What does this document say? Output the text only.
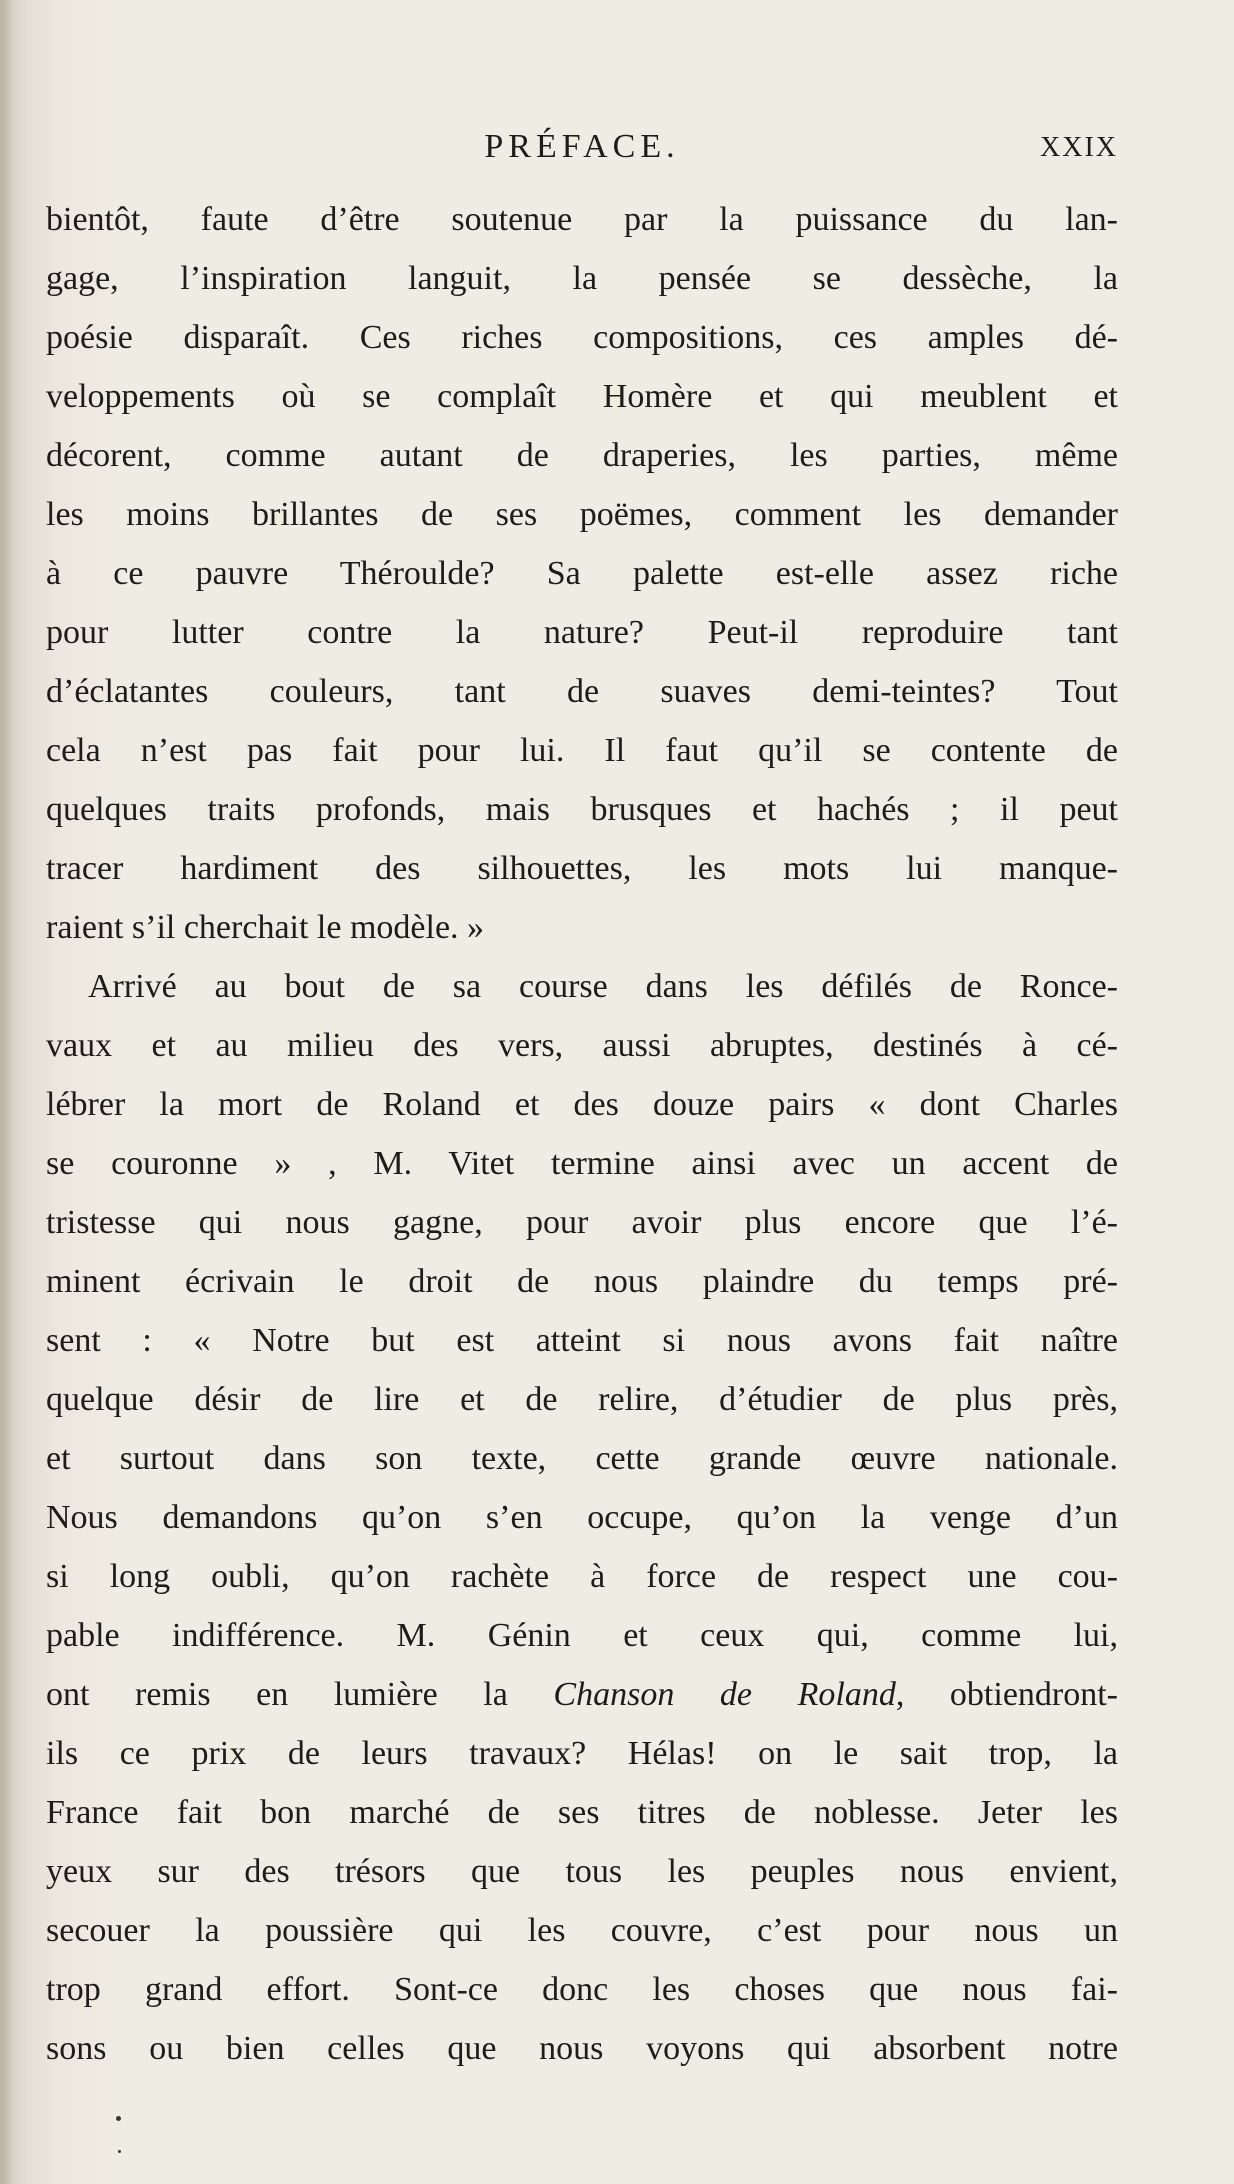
PRÉFACE.	XXIX
bientôt, faute d’être soutenue par la puissance du lan-
gage, l’inspiration languit, la pensée se dessèche, la
poésie disparaît. Ces riches compositions, ces amples dé-
veloppements où se complaît Homère et qui meublent et
décorent, comme autant de draperies, les parties, même
les moins brillantes de ses poëmes, comment les demander
à ce pauvre Théroulde? Sa palette est-elle assez riche
pour lutter contre la nature? Peut-il reproduire tant
d’éclatantes couleurs, tant de suaves demi-teintes? Tout
cela n’est pas fait pour lui. Il faut qu’il se contente de
quelques traits profonds, mais brusques et hachés ; il peut
tracer hardiment des silhouettes, les mots lui manque-
raient s’il cherchait le modèle. »
Arrivé au bout de sa course dans les défilés de Ronce-
vaux et au milieu des vers, aussi abruptes, destinés à cé-
lébrer la mort de Roland et des douze pairs « dont Charles
se couronne » , M. Vitet termine ainsi avec un accent de
tristesse qui nous gagne, pour avoir plus encore que l’é-
minent écrivain le droit de nous plaindre du temps pré-
sent : « Notre but est atteint si nous avons fait naître
quelque désir de lire et de relire, d’étudier de plus près,
et surtout dans son texte, cette grande œuvre nationale.
Nous demandons qu’on s’en occupe, qu’on la venge d’un
si long oubli, qu’on rachète à force de respect une cou-
pable indifférence. M. Génin et ceux qui, comme lui,
ont remis en lumière la Chanson de Roland, obtiendront-
ils ce prix de leurs travaux? Hélas! on le sait trop, la
France fait bon marché de ses titres de noblesse. Jeter les
yeux sur des trésors que tous les peuples nous envient,
secouer la poussière qui les couvre, c’est pour nous un
trop grand effort. Sont-ce donc les choses que nous fai-
sons ou bien celles que nous voyons qui absorbent notre
